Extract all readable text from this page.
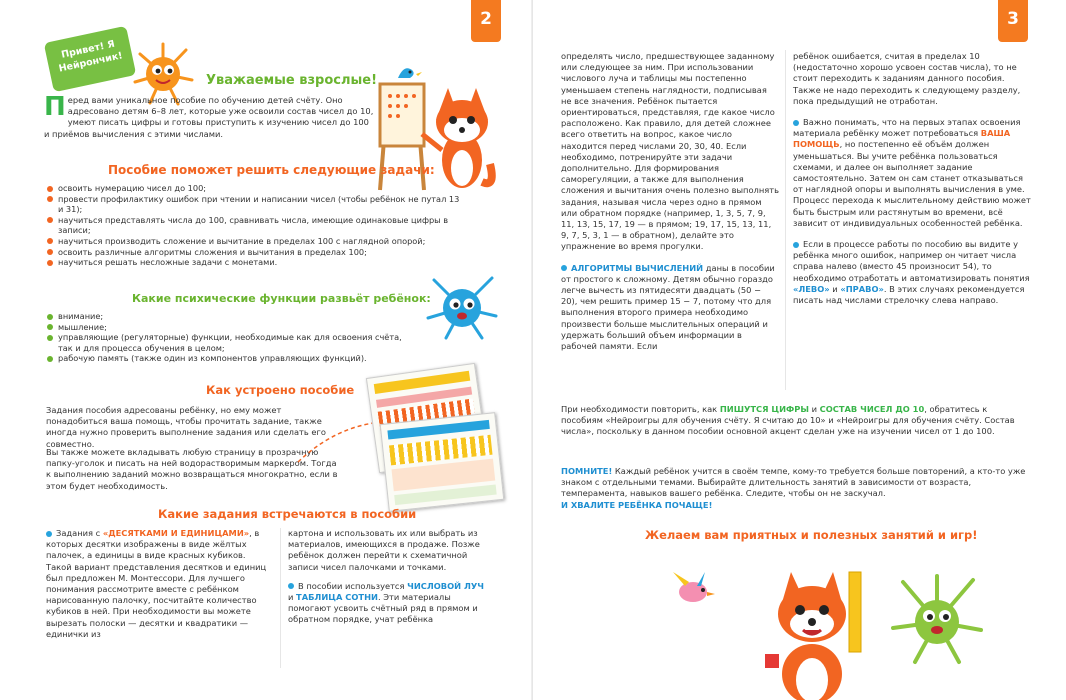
2
Привет! Я Нейрончик!
Уважаемые взрослые!
Перед вами уникальное пособие по обучению детей счёту. Оно адресовано детям 6–8 лет, которые уже освоили состав чисел до 10, умеют писать цифры и готовы приступить к изучению чисел до 100 и приёмов вычисления с этими числами.
Пособие поможет решить следующие задачи:
освоить нумерацию чисел до 100;
провести профилактику ошибок при чтении и написании чисел (чтобы ребёнок не путал 13 и 31);
научиться представлять числа до 100, сравнивать числа, имеющие одинаковые цифры в записи;
научиться производить сложение и вычитание в пределах 100 с наглядной опорой;
освоить различные алгоритмы сложения и вычитания в пределах 100;
научиться решать несложные задачи с монетами.
Какие психические функции развьёт ребёнок:
внимание;
мышление;
управляющие (регуляторные) функции, необходимые как для освоения счёта, так и для процесса обучения в целом;
рабочую память (также один из компонентов управляющих функций).
Как устроено пособие
Задания пособия адресованы ребёнку, но ему может понадобиться ваша помощь, чтобы прочитать задание, также иногда нужно проверить выполнение задания или сделать его совместно.
Вы также можете вкладывать любую страницу в прозрачную папку-уголок и писать на ней водорастворимым маркером. Тогда к выполнению заданий можно возвращаться многократно, если в этом будет необходимость.
Какие задания встречаются в пособии
Задания с «ДЕСЯТКАМИ И ЕДИНИЦАМИ», в которых десятки изображены в виде жёлтых палочек, а единицы в виде красных кубиков. Такой вариант представления десятков и единиц был предложен М. Монтессори. Для лучшего понимания рассмотрите вместе с ребёнком нарисованную палочку, посчитайте количество кубиков в ней. При необходимости вы можете вырезать полоски — десятки и квадратики — единички из
картона и использовать их или выбрать из материалов, имеющихся в продаже. Позже ребёнок должен перейти к схематичной записи чисел палочками и точками.
В пособии используется ЧИСЛОВОЙ ЛУЧ и ТАБЛИЦА СОТНИ. Эти материалы помогают усвоить счётный ряд в прямом и обратном порядке, учат ребёнка
3
определять число, предшествующее заданному или следующее за ним. При использовании числового луча и таблицы мы постепенно уменьшаем степень наглядности, подписывая не все значения. Ребёнок пытается ориентироваться, представляя, где какое число расположено. Как правило, для детей сложнее всего ответить на вопрос, какое число находится перед числами 20, 30, 40. Если необходимо, потренируйте эти задачи дополнительно. Для формирования саморегуляции, а также для выполнения сложения и вычитания очень полезно выполнять задания, называя числа через одно в прямом или обратном порядке (например, 1, 3, 5, 7, 9, 11, 13, 15, 17, 19 — в прямом; 19, 17, 15, 13, 11, 9, 7, 5, 3, 1 — в обратном), делайте это упражнение во время прогулки.
АЛГОРИТМЫ ВЫЧИСЛЕНИЙ даны в пособии от простого к сложному. Детям обычно гораздо легче вычесть из пятидесяти двадцать (50 − 20), чем решить пример 15 − 7, потому что для выполнения второго примера необходимо произвести больше мыслительных операций и удержать больший объем информации в рабочей памяти. Если
ребёнок ошибается, считая в пределах 10 (недостаточно хорошо усвоен состав числа), то не стоит переходить к заданиям данного пособия. Также не надо переходить к следующему разделу, пока предыдущий не отработан.
Важно понимать, что на первых этапах освоения материала ребёнку может потребоваться ВАША ПОМОЩЬ, но постепенно её объём должен уменьшаться. Вы учите ребёнка пользоваться схемами, и далее он выполняет задание самостоятельно. Затем он сам станет отказываться от наглядной опоры и выполнять вычисления в уме. Процесс перехода к мыслительному действию может быть быстрым или растянутым во времени, всё зависит от индивидуальных особенностей ребёнка.
Если в процессе работы по пособию вы видите у ребёнка много ошибок, например он читает числа справа налево (вместо 45 произносит 54), то необходимо отработать и автоматизировать понятия «ЛЕВО» и «ПРАВО». В этих случаях рекомендуется писать над числами стрелочку слева направо.
При необходимости повторить, как ПИШУТСЯ ЦИФРЫ и СОСТАВ ЧИСЕЛ ДО 10, обратитесь к пособиям «Нейроигры для обучения счёту. Я считаю до 10» и «Нейроигры для обучения счёту. Состав числа», поскольку в данном пособии основной акцент сделан уже на изучении чисел от 1 до 100.
ПОМНИТЕ! Каждый ребёнок учится в своём темпе, кому-то требуется больше повторений, а кто-то уже знаком с отдельными темами. Выбирайте длительность занятий в зависимости от возраста, темперамента, навыков вашего ребёнка. Следите, чтобы он не заскучал.
И ХВАЛИТЕ РЕБЁНКА ПОЧАЩЕ!
Желаем вам приятных и полезных занятий и игр!
